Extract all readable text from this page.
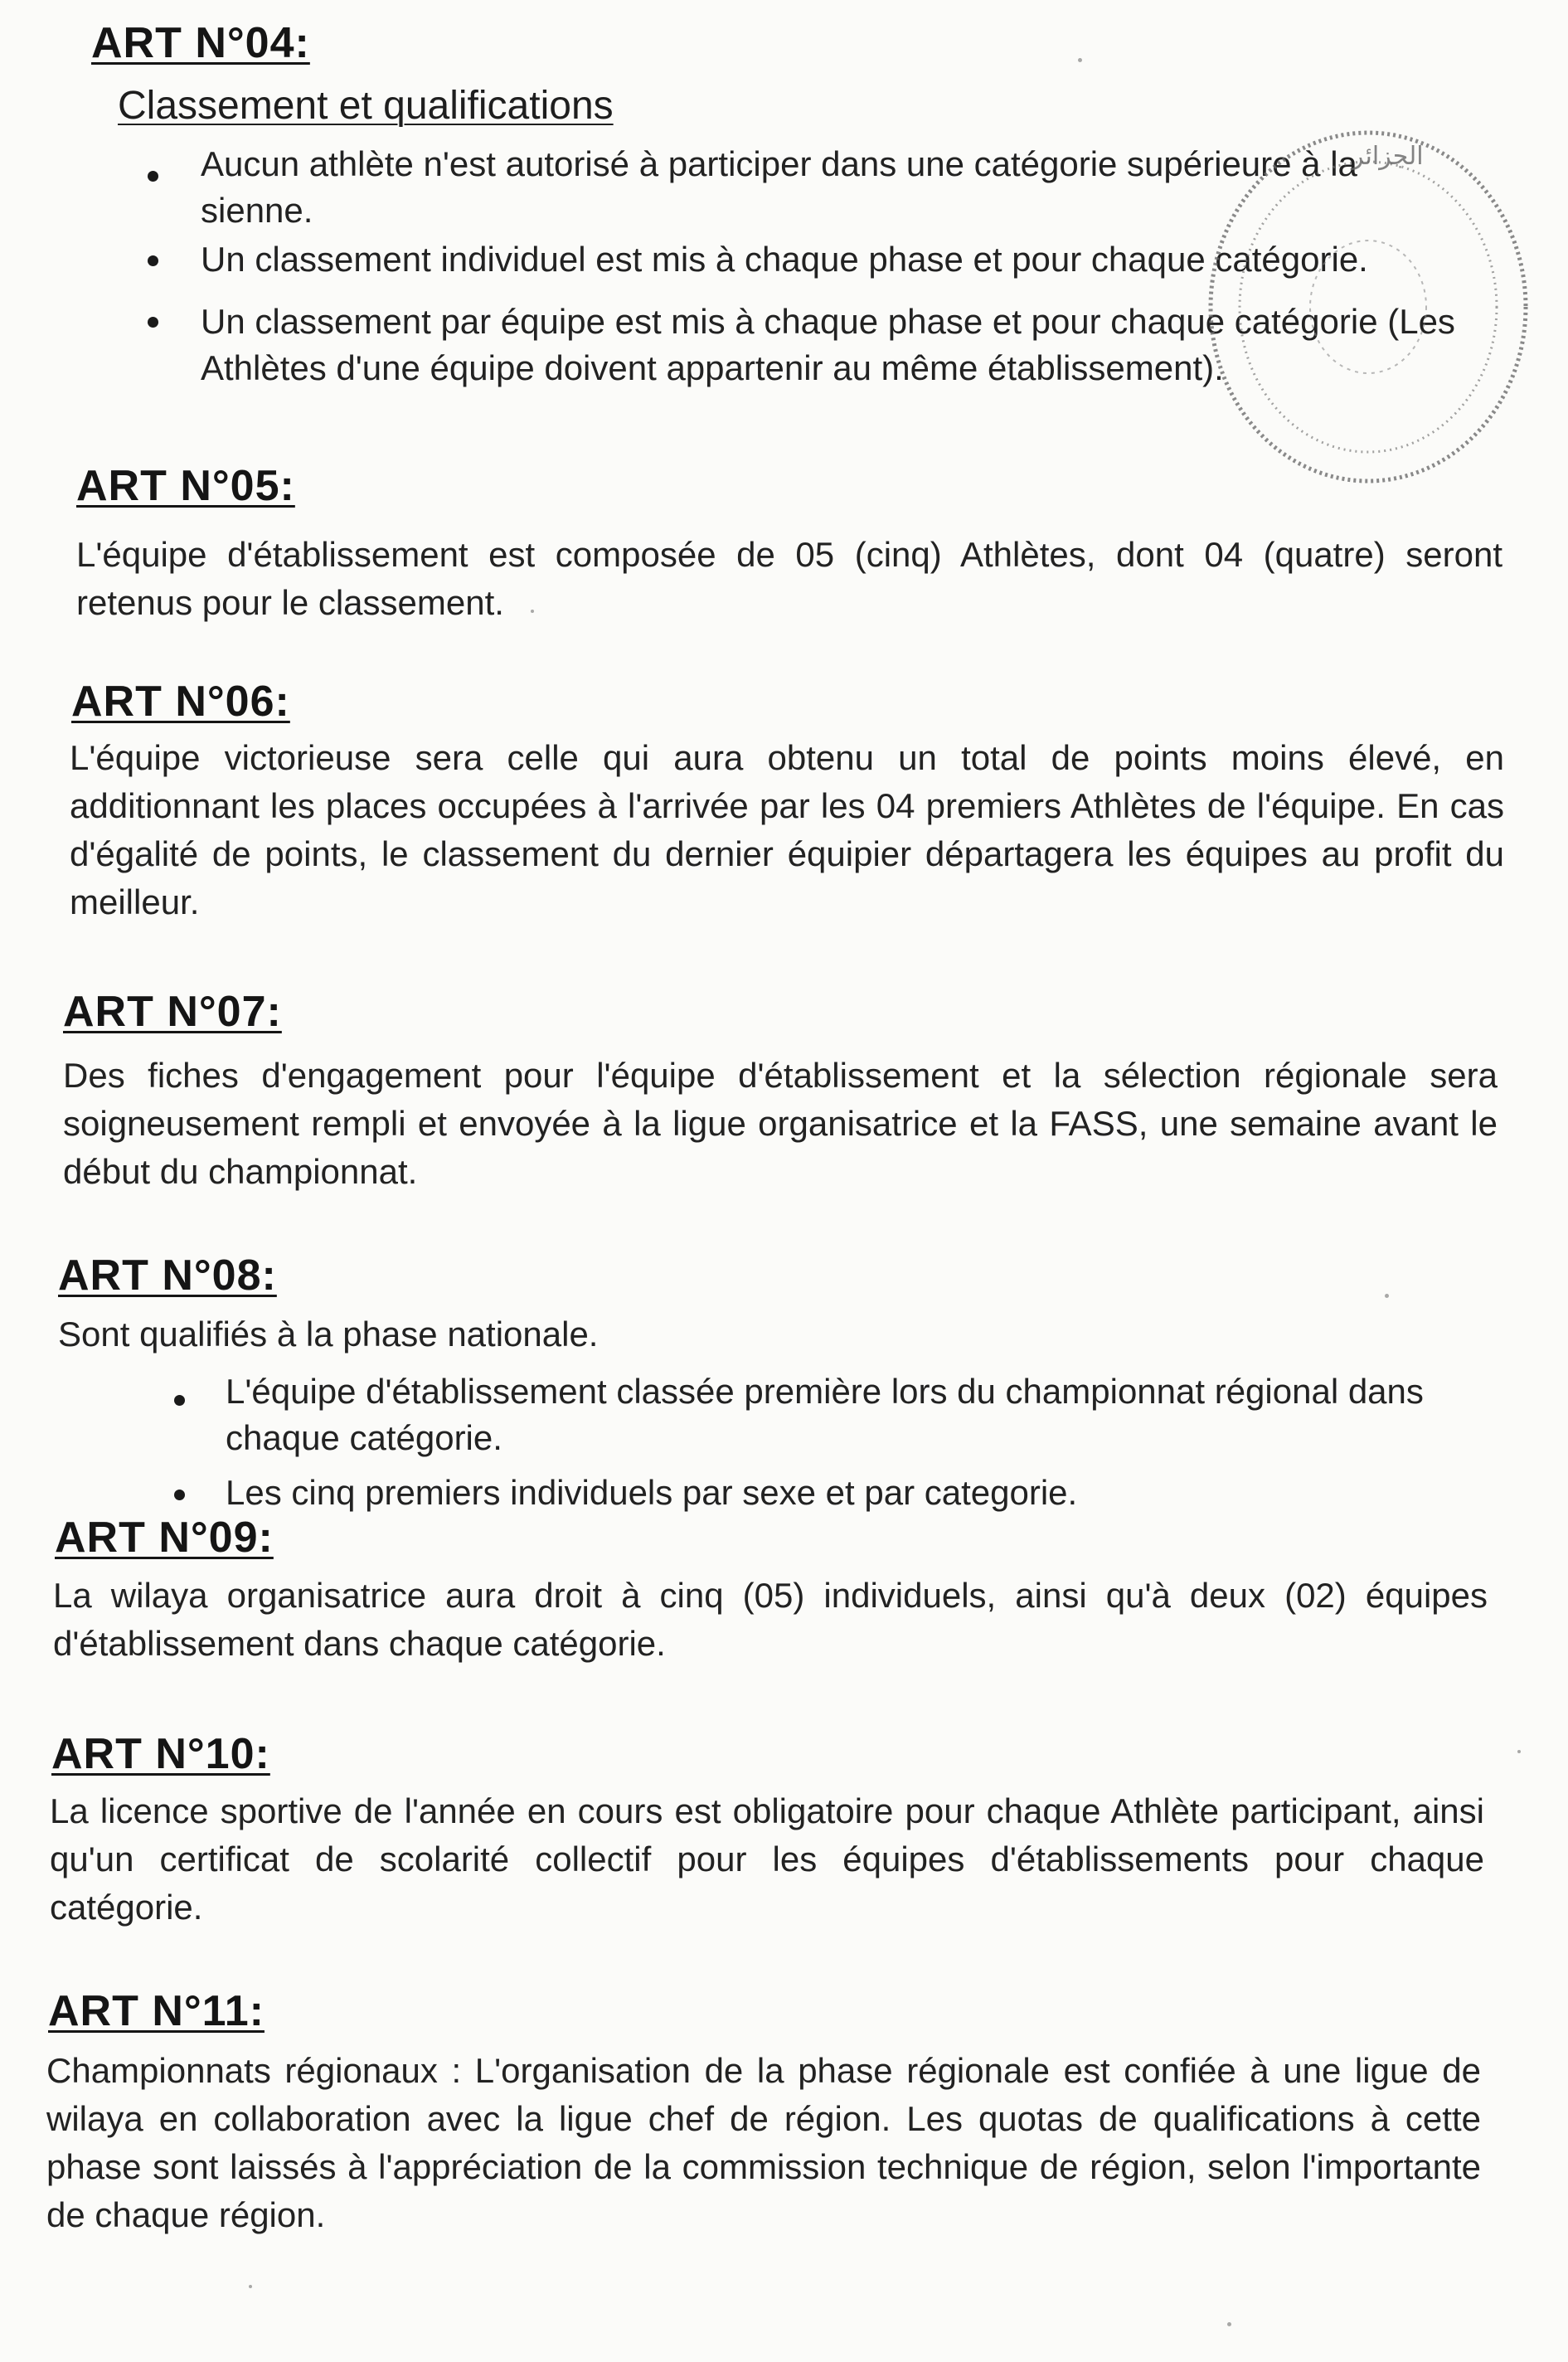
ART N°04:
Classement et qualifications
Aucun athlète n'est autorisé à participer dans une catégorie supérieure à la sienne.
Un classement individuel est mis à chaque phase et pour chaque catégorie.
Un classement par équipe est mis à chaque phase et pour chaque catégorie (Les Athlètes d'une équipe doivent appartenir au même établissement).
الجزائر
ART N°05:
L'équipe d'établissement est composée de 05 (cinq) Athlètes, dont 04 (quatre) seront retenus pour le classement.
ART N°06:
L'équipe victorieuse sera celle qui aura obtenu un total de points moins élevé, en additionnant les places occupées à l'arrivée par les 04 premiers Athlètes de l'équipe. En cas d'égalité de points, le classement du dernier équipier départagera les équipes au profit du meilleur.
ART N°07:
Des fiches d'engagement pour l'équipe d'établissement et la sélection régionale sera soigneusement rempli et envoyée à la ligue organisatrice et la FASS, une semaine avant le début du championnat.
ART N°08:
Sont qualifiés à la phase nationale.
L'équipe d'établissement classée première lors du championnat régional dans chaque catégorie.
Les cinq premiers individuels par sexe et par categorie.
ART N°09:
La wilaya organisatrice aura droit à cinq (05) individuels, ainsi qu'à deux (02) équipes d'établissement dans chaque catégorie.
ART N°10:
La licence sportive de l'année en cours est obligatoire pour chaque Athlète participant, ainsi qu'un certificat de scolarité collectif pour les équipes d'établissements pour chaque catégorie.
ART N°11:
Championnats régionaux : L'organisation de la phase régionale est confiée à une ligue de wilaya en collaboration avec la ligue chef de région. Les quotas de qualifications à cette phase sont laissés à l'appréciation de la commission technique de région, selon l'importante de chaque région.
